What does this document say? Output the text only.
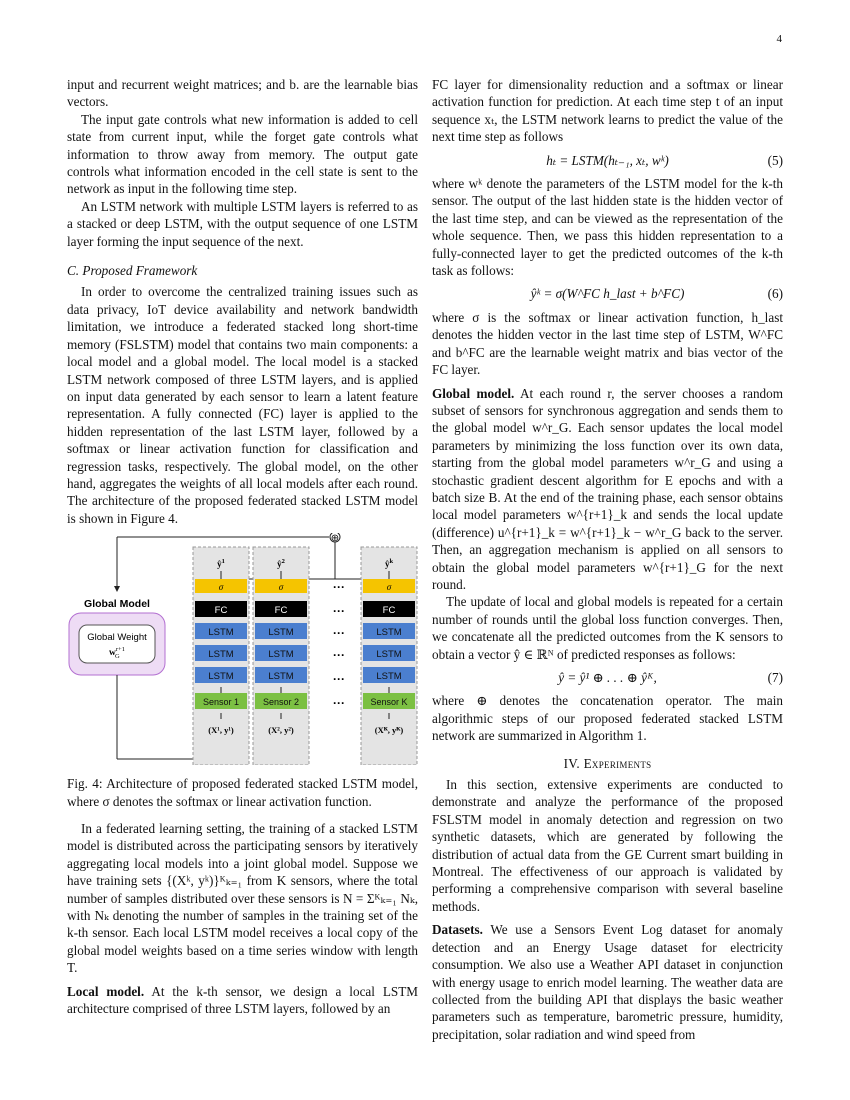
4

input and recurrent weight matrices; and b. are the learnable bias vectors.

The input gate controls what new information is added to cell state from current input, while the forget gate controls what information to throw away from memory. The output gate controls what information encoded in the cell state is sent to the network as input in the following time step.

An LSTM network with multiple LSTM layers is referred to as a stacked or deep LSTM, with the output sequence of one LSTM layer forming the input sequence of the next.

C. Proposed Framework

In order to overcome the centralized training issues such as data privacy, IoT device availability and network bandwidth limitation, we introduce a federated stacked long short-time memory (FSLSTM) model that contains two main components: a local model and a global model. The local model is a stacked LSTM network composed of three LSTM layers, and is applied on input data generated by each sensor to learn a latent feature representation. A fully connected (FC) layer is applied to the hidden representation of the last LSTM layer, followed by a softmax or linear activation function for classification and regression tasks, respectively. The global model, on the other hand, aggregates the weights of all local models after each round. The architecture of the proposed federated stacked LSTM model is shown in Figure 4.

⊕
Global Model
Global Weight
$w^{r+1}$ G
$ŷ^1$
σ
FC
LSTM
LSTM
LSTM
Sensor 1
(X¹, y¹)
$ŷ^2$
σ
FC
LSTM
LSTM
LSTM
Sensor 2
(X², y²)
$ŷ^k$
σ
FC
LSTM
LSTM
LSTM
Sensor K
(Xᴷ, yᴷ)
···
···
···
···
···
···

Fig. 4: Architecture of proposed federated stacked LSTM model, where σ denotes the softmax or linear activation function.

In a federated learning setting, the training of a stacked LSTM model is distributed across the participating sensors by iteratively aggregating local models into a joint global model. Suppose we have training sets {(Xᵏ, yᵏ)}ᴷₖ₌₁ from K sensors, where the total number of samples distributed over these sensors is N = Σᴷₖ₌₁ Nₖ, with Nₖ denoting the number of samples in the training set of the k-th sensor. Each local LSTM model receives a local copy of the global model weights based on a time series window with length T.

Local model. At the k-th sensor, we design a local LSTM architecture comprised of three LSTM layers, followed by an

FC layer for dimensionality reduction and a softmax or linear activation function for prediction. At each time step t of an input sequence xₜ, the LSTM network learns to predict the value of the next time step as follows

hₜ = LSTM(hₜ₋₁, xₜ, wᵏ)	(5)

where wᵏ denote the parameters of the LSTM model for the k-th sensor. The output of the last hidden state is the hidden vector of the last time step, and can be viewed as the representation of the whole sequence. Then, we pass this hidden representation to a fully-connected layer to get the predicted outcomes of the k-th task as follows:

ŷᵏ = σ(W^FC h_last + b^FC)	(6)

where σ is the softmax or linear activation function, h_last denotes the hidden vector in the last time step of LSTM, W^FC and b^FC are the learnable weight matrix and bias vector of the FC layer.

Global model. At each round r, the server chooses a random subset of sensors for synchronous aggregation and sends them to the global model w^r_G. Each sensor updates the local model parameters by minimizing the loss function over its own data, starting from the global model parameters w^r_G and using a stochastic gradient descent algorithm for E epochs and with a batch size B. At the end of the training phase, each sensor obtains local model parameters w^{r+1}_k and sends the local update (difference) u^{r+1}_k = w^{r+1}_k − w^r_G back to the server. Then, an aggregation mechanism is applied on all sensors to obtain the global model parameters w^{r+1}_G for the next round.

The update of local and global models is repeated for a certain number of rounds until the global loss function converges. Then, we concatenate all the predicted outcomes from the K sensors to obtain a vector ŷ ∈ ℝᴺ of predicted responses as follows:

ŷ = ŷ¹ ⊕ . . . ⊕ ŷᴷ,	(7)

where ⊕ denotes the concatenation operator. The main algorithmic steps of our proposed federated stacked LSTM network are summarized in Algorithm 1.

IV. Experiments

In this section, extensive experiments are conducted to demonstrate and analyze the performance of the proposed FSLSTM model in anomaly detection and regression on two synthetic datasets, which are generated by following the distribution of actual data from the GE Current smart building in Montreal. The effectiveness of our approach is validated by performing a comprehensive comparison with several baseline methods.

Datasets. We use a Sensors Event Log dataset for anomaly detection and an Energy Usage dataset for electricity consumption. We also use a Weather API dataset in conjunction with energy usage to enrich model learning. The weather data are collected from the building API that displays the basic weather parameters such as temperature, barometric pressure, humidity, precipitation, solar radiation and wind speed from
